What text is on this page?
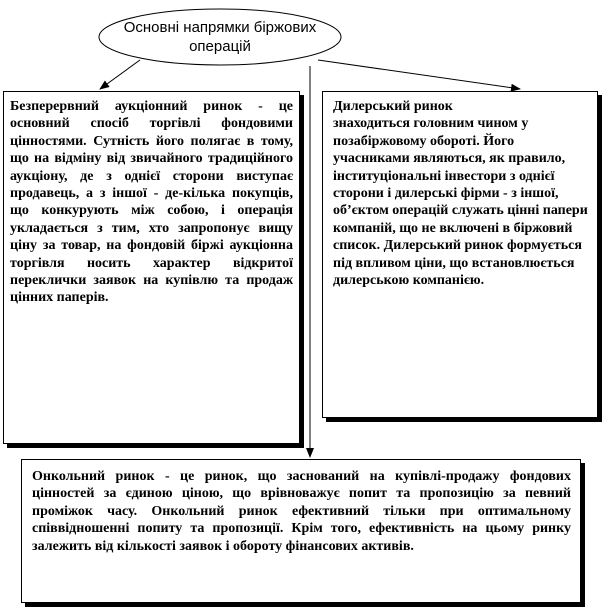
Основні напрямки біржових
операцій

Безперервний аукціонний ринок - це основний спосіб торгівлі фондовими цінностями. Сутність його полягає в тому, що на відміну від звичайного традиційного аукціону, де з однієї сторони виступає продавець, а з іншої - де-кілька покупців, що конкурують між собою, і операція укладається з тим, хто запропонує вищу ціну за товар, на фондовій біржі аукціонна торгівля носить характер відкритої переклички заявок на купівлю та продаж цінних паперів.

Дилерський ринок
знаходиться головним чином у позабіржовому обороті. Його учасниками являються, як правило, інституціональні інвестори з однієї сторони і дилерські фірми - з іншої, об’єктом операцій служать цінні папери компаній, що не включені в біржовий список. Дилерський ринок формується під впливом ціни, що встановлюється дилерською компанією.

Онкольний ринок - це ринок, що заснований на купівлі-продажу фондових цінностей за єдиною ціною, що врівноважує попит та пропозицію за певний проміжок часу. Онкольний ринок ефективний тільки при оптимальному співвідношенні попиту та пропозиції. Крім того, ефективність на цьому ринку залежить від кількості заявок і обороту фінансових активів.
